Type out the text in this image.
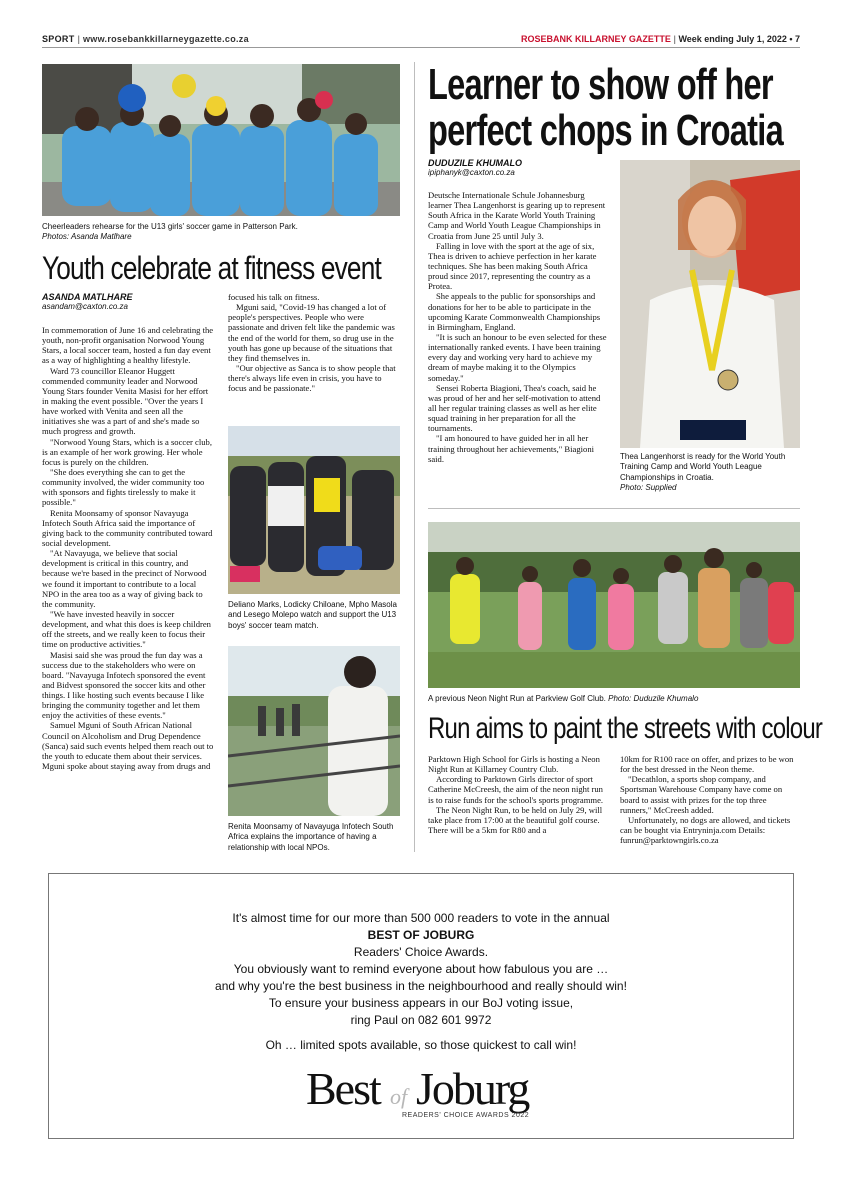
SPORT | www.rosebankkillarneygazette.co.za	ROSEBANK KILLARNEY GAZETTE | Week ending July 1, 2022 • 7
Cheerleaders rehearse for the U13 girls' soccer game in Patterson Park.
Photos: Asanda Matlhare
Youth celebrate at fitness event
ASANDA MATLHARE
asandam@caxton.co.za

In commemoration of June 16 and celebrating the youth, non-profit organisation Norwood Young Stars, a local soccer team, hosted a fun day event as a way of highlighting a healthy lifestyle.

Ward 73 councillor Eleanor Huggett commended community leader and Norwood Young Stars founder Venita Masisi for her effort in making the event possible. "Over the years I have worked with Venita and seen all the initiatives she was a part of and she's made so much progress and growth.

"Norwood Young Stars, which is a soccer club, is an example of her work growing. Her whole focus is purely on the children.

"She does everything she can to get the community involved, the wider community too with sponsors and fights tirelessly to make it possible."

Renita Moonsamy of sponsor Navayuga Infotech South Africa said the importance of giving back to the community contributed toward social development.

"At Navayuga, we believe that social development is critical in this country, and because we're based in the precinct of Norwood we found it important to contribute to a local NPO in the area too as a way of giving back to the community.

"We have invested heavily in soccer development, and what this does is keep children off the streets, and we really keen to focus their time on productive activities."

Masisi said she was proud the fun day was a success due to the stakeholders who were on board. "Navayuga Infotech sponsored the event and Bidvest sponsored the soccer kits and other things. I like hosting such events because I like bringing the community together and let them enjoy the activities of these events."

Samuel Mguni of South African National Council on Alcoholism and Drug Dependence (Sanca) said such events helped them reach out to the youth to educate them about their services. Mguni spoke about staying away from drugs and

focused his talk on fitness.

Mguni said, "Covid-19 has changed a lot of people's perspectives. People who were passionate and driven felt like the pandemic was the end of the world for them, so drug use in the youth has gone up because of the situations that they find themselves in.

"Our objective as Sanca is to show people that there's always life even in crisis, you have to focus and be passionate."

Deliano Marks, Lodicky Chiloane, Mpho Masola and Lesego Molepo watch and support the U13 boys' soccer team match.
Renita Moonsamy of Navayuga Infotech South Africa explains the importance of having a relationship with local NPOs.
Learner to show off her
perfect chops in Croatia
DUDUZILE KHUMALO
ipiphanyk@caxton.co.za

Deutsche Internationale Schule Johannesburg learner Thea Langenhorst is gearing up to represent South Africa in the Karate World Youth Training Camp and World Youth League Championships in Croatia from June 25 until July 3.

Falling in love with the sport at the age of six, Thea is driven to achieve perfection in her karate techniques. She has been making South Africa proud since 2017, representing the country as a Protea.

She appeals to the public for sponsorships and donations for her to be able to participate in the upcoming Karate Commonwealth Championships in Birmingham, England.

"It is such an honour to be even selected for these internationally ranked events. I have been training every day and working very hard to achieve my dream of maybe making it to the Olympics someday."

Sensei Roberta Biagioni, Thea's coach, said he was proud of her and her self-motivation to attend all her regular training classes as well as her elite squad training in her preparation for all the tournaments.

"I am honoured to have guided her in all her training throughout her achievements," Biagioni said.	Thea Langenhorst is ready for the World Youth Training Camp and World Youth League Championships in Croatia.
Photo: Supplied
A previous Neon Night Run at Parkview Golf Club. Photo: Duduzile Khumalo
Run aims to paint the streets with colour

Parktown High School for Girls is hosting a Neon Night Run at Killarney Country Club.

According to Parktown Girls director of sport Catherine McCreesh, the aim of the neon night run is to raise funds for the school's sports programme.

The Neon Night Run, to be held on July 29, will take place from 17:00 at the beautiful golf course. There will be a 5km for R80 and a

10km for R100 race on offer, and prizes to be won for the best dressed in the Neon theme.

"Decathlon, a sports shop company, and Sportsman Warehouse Company have come on board to assist with prizes for the top three runners," McCreesh added.

Unfortunately, no dogs are allowed, and tickets can be bought via Entryninja.com Details: funrun@parktowngirls.co.za

It's almost time for our more than 500 000 readers to vote in the annual
BEST OF JOBURG
Readers' Choice Awards.
You obviously want to remind everyone about how fabulous you are …
and why you're the best business in the neighbourhood and really should win!
To ensure your business appears in our BoJ voting issue,
ring Paul on 082 601 9972
Oh … limited spots available, so those quickest to call win!
Best of Joburg
READERS' CHOICE AWARDS 2022
